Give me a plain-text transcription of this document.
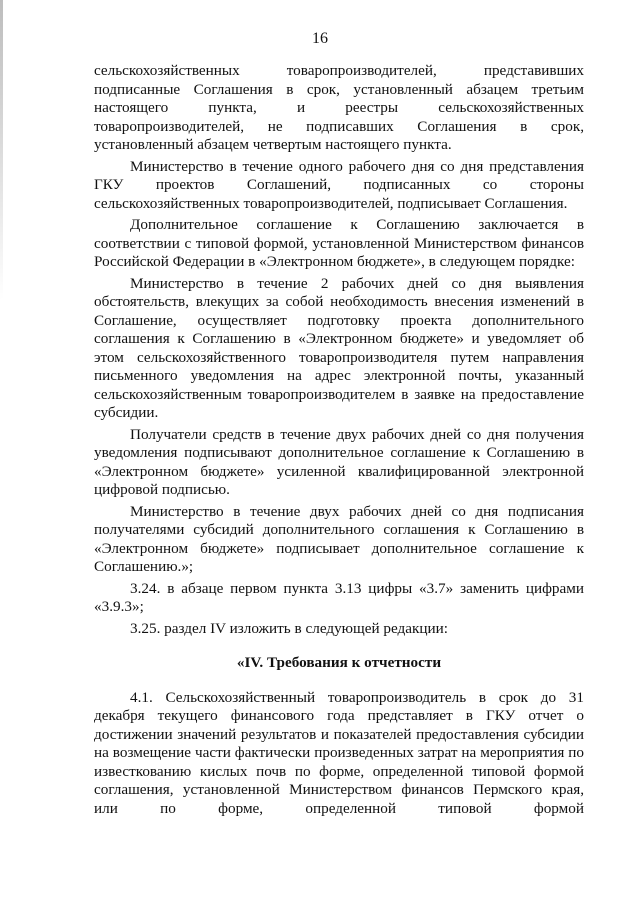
16

сельскохозяйственных товаропроизводителей, представивших подписанные Соглашения в срок, установленный абзацем третьим настоящего пункта, и реестры сельскохозяйственных товаропроизводителей, не подписавших Соглашения в срок, установленный абзацем четвертым настоящего пункта.

Министерство в течение одного рабочего дня со дня представления ГКУ проектов Соглашений, подписанных со стороны сельскохозяйственных товаропроизводителей, подписывает Соглашения.

Дополнительное соглашение к Соглашению заключается в соответствии с типовой формой, установленной Министерством финансов Российской Федерации в «Электронном бюджете», в следующем порядке:

Министерство в течение 2 рабочих дней со дня выявления обстоятельств, влекущих за собой необходимость внесения изменений в Соглашение, осуществляет подготовку проекта дополнительного соглашения к Соглашению в «Электронном бюджете» и уведомляет об этом сельскохозяйственного товаропроизводителя путем направления письменного уведомления на адрес электронной почты, указанный сельскохозяйственным товаропроизводителем в заявке на предоставление субсидии.

Получатели средств в течение двух рабочих дней со дня получения уведомления подписывают дополнительное соглашение к Соглашению в «Электронном бюджете» усиленной квалифицированной электронной цифровой подписью.

Министерство в течение двух рабочих дней со дня подписания получателями субсидий дополнительного соглашения к Соглашению в «Электронном бюджете» подписывает дополнительное соглашение к Соглашению.»;

3.24. в абзаце первом пункта 3.13 цифры «3.7» заменить цифрами «3.9.3»;

3.25. раздел IV изложить в следующей редакции:

«IV. Требования к отчетности

4.1. Сельскохозяйственный товаропроизводитель в срок до 31 декабря текущего финансового года представляет в ГКУ отчет о достижении значений результатов и показателей предоставления субсидии на возмещение части фактически произведенных затрат на мероприятия по известкованию кислых почв по форме, определенной типовой формой соглашения, установленной Министерством финансов Пермского края, или по форме, определенной типовой формой
